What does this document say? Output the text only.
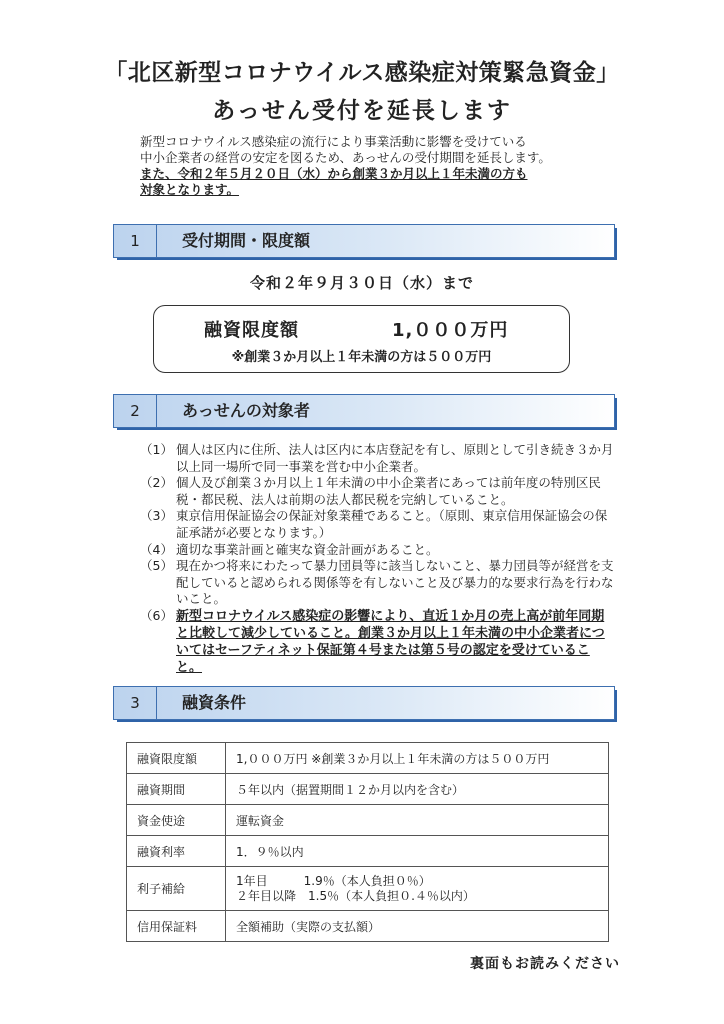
「北区新型コロナウイルス感染症対策緊急資金」
あっせん受付を延長します
新型コロナウイルス感染症の流行により事業活動に影響を受けている
中小企業者の経営の安定を図るため、あっせんの受付期間を延長します。
また、令和２年５月２０日（水）から創業３か月以上１年未満の方も
対象となります。
1	受付期間・限度額
令和２年９月３０日（水）まで
融資限度額	1,０００万円
※創業３か月以上１年未満の方は５００万円
2	あっせんの対象者
（1） 個人は区内に住所、法人は区内に本店登記を有し、原則として引き続き３か月以上同一場所で同一事業を営む中小企業者。
（2） 個人及び創業３か月以上１年未満の中小企業者にあっては前年度の特別区民税・都民税、法人は前期の法人都民税を完納していること。
（3） 東京信用保証協会の保証対象業種であること。（原則、東京信用保証協会の保証承諾が必要となります。）
（4） 適切な事業計画と確実な資金計画があること。
（5） 現在かつ将来にわたって暴力団員等に該当しないこと、暴力団員等が経営を支配していると認められる関係等を有しないこと及び暴力的な要求行為を行わないこと。
（6） 新型コロナウイルス感染症の影響により、直近１か月の売上高が前年同期と比較して減少していること。創業３か月以上１年未満の中小企業者についてはセーフティネット保証第４号または第５号の認定を受けていること。
3	融資条件
融資限度額	1,０００万円 ※創業３か月以上１年未満の方は５００万円
融資期間	５年以内（据置期間１２か月以内を含む）
資金使途	運転資金
融資利率	1．９％以内
利子補給	1年目　　　1.9％（本人負担０％）
２年目以降　1.5％（本人負担０.４％以内）

信用保証料	全額補助（実際の支払額）
裏面もお読みください
